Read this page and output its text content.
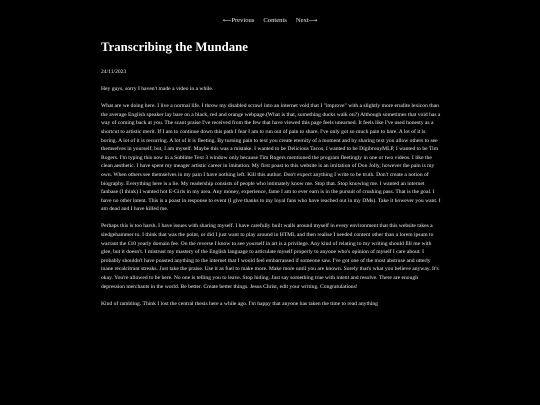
⟵Previous Contents Next⟶
Transcribing the Mundane

24/11/2023

Hey guys, sorry I haven't made a video in a while.

What are we doing here. I live a normal life. I throw my disabled scrawl into an internet void that I "improve" with a slightly more erudite lexicon than the average English speaker lay bare on a black, red and orange webpage.(What is that, something ducks walk on?) Although sometimes that void has a way of coming back at you. The scant praise I've received from the few that have viewed this page feels unearned. It feels like I've used honesty as a shortcut to artistic merit. If I am to continue down this path I fear I am to run out of pain to share. I've only got so much pain to bare. A lot of it is boring. A lot of it is recurring. A lot of it is fleeting. By turning pain to text you create eternity of a moment and by sharing text you allow others to see themselves in yourself, but, I am myself. Maybe this was a mistake. I wanted to be Delicious Tacos, I wanted to be DigibronyMLP, I wanted to be Tim Rogers. I'm typing this now in a Sublime Text 3 window only because Tim Rogers mentioned the program fleetingly in one or two videos. I like the clean aesthetic. I have spent my meager artistic career in imitation. My first poast to this website is an imitation of Don Jolly, however the pain is my own. When others see themselves in my pain I have nothing left. Kill this author. Don't expect anything I write to be truth. Don't create a notion of biography. Everything here is a lie. My readership consists of people who intimately know me. Stop that. Stop knowing me. I wanted an internet fanbase (I think) I wanted hot E-Girls in my area. Any money, experience, fame I am to ever earn is in the pursuit of crushing pass. That is the goal. I have no other intent. This is a poast in response to event (I give thanks to my loyal fans who have reached out in my DMs). Take it however you want. I am dead and I have killed me.

Perhaps this is too harsh. I have issues with sharing myself. I have carefully built walls around myself in every environment that this website takes a sledgehammer to. I think that was the point, or did I just want to play around in HTML and then realise I needed content other than a lorem ipsum to warrant the £10 yearly domain fee. On the reverse I know to see yourself in art is a privilege. Any kind of relating to my writing should fill me with glee, but it doesn't. I mistrust my mastery of the English language to articulate myself properly to anyone who's opinion of myself I care about. I probably shouldn't have poasted anything to the internet that I would feel embarrassed if someone saw. I've got one of the most abstruse and utterly inane recalcitrant streaks. Just take the praise. Use it as fuel to make more. Make more until you are known. Surely that's what you believe anyway. It's okay. You're allowed to be here. No one is telling you to leave. Stop hiding. Just say something true with intent and resolve. There are enough depression merchants in the world. Be better. Create better things. Jesus Christ, edit your writing. Congratulations!

Kind of rambling. Think I lost the central thesis here a while ago. I'm happy that anyone has taken the time to read anything
